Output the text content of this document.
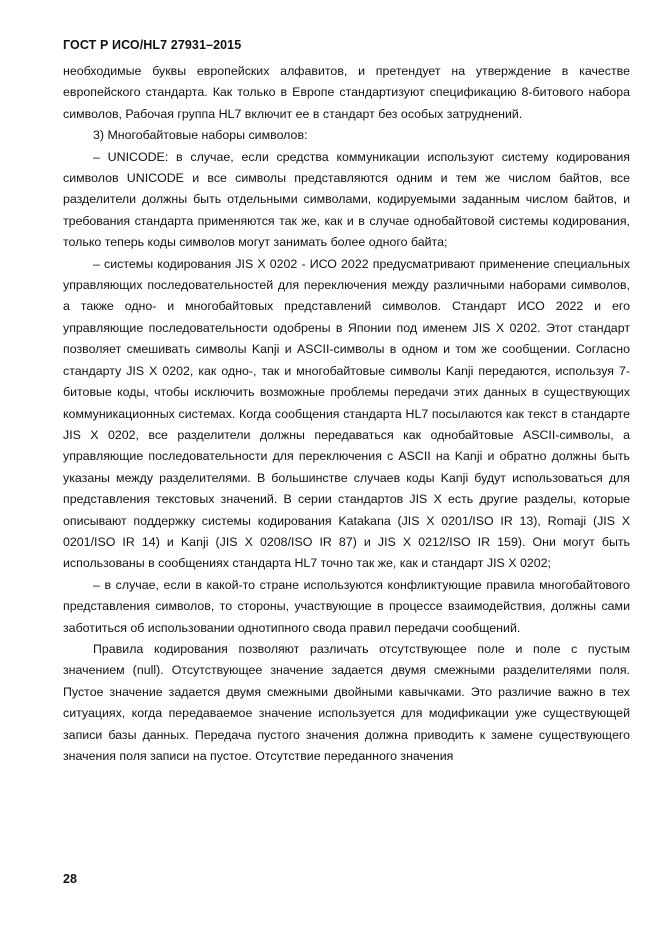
ГОСТ Р ИСО/HL7 27931–2015

необходимые буквы европейских алфавитов, и претендует на утверждение в качестве европейского стандарта. Как только в Европе стандартизуют спецификацию 8-битового набора символов, Рабочая группа HL7 включит ее в стандарт без особых затруднений.

3) Многобайтовые наборы символов:

– UNICODE: в случае, если средства коммуникации используют систему кодирования символов UNICODE и все символы представляются одним и тем же числом байтов, все разделители должны быть отдельными символами, кодируемыми заданным числом байтов, и требования стандарта применяются так же, как и в случае однобайтовой системы кодирования, только теперь коды символов могут занимать более одного байта;

– системы кодирования JIS X 0202 - ИСО 2022 предусматривают применение специальных управляющих последовательностей для переключения между различными наборами символов, а также одно- и многобайтовых представлений символов. Стандарт ИСО 2022 и его управляющие последовательности одобрены в Японии под именем JIS X 0202. Этот стандарт позволяет смешивать символы Kanji и ASCII-символы в одном и том же сообщении. Согласно стандарту JIS X 0202, как одно-, так и многобайтовые символы Kanji передаются, используя 7-битовые коды, чтобы исключить возможные проблемы передачи этих данных в существующих коммуникационных системах. Когда сообщения стандарта HL7 посылаются как текст в стандарте JIS X 0202, все разделители должны передаваться как однобайтовые ASCII-символы, а управляющие последовательности для переключения с ASCII на Kanji и обратно должны быть указаны между разделителями. В большинстве случаев коды Kanji будут использоваться для представления текстовых значений. В серии стандартов JIS X есть другие разделы, которые описывают поддержку системы кодирования Katakana (JIS X 0201/ISO IR 13), Romaji (JIS X 0201/ISO IR 14) и Kanji (JIS X 0208/ISO IR 87) и JIS X 0212/ISO IR 159). Они могут быть использованы в сообщениях стандарта HL7 точно так же, как и стандарт JIS X 0202;

– в случае, если в какой-то стране используются конфликтующие правила многобайтового представления символов, то стороны, участвующие в процессе взаимодействия, должны сами заботиться об использовании однотипного свода правил передачи сообщений.

Правила кодирования позволяют различать отсутствующее поле и поле с пустым значением (null). Отсутствующее значение задается двумя смежными разделителями поля. Пустое значение задается двумя смежными двойными кавычками. Это различие важно в тех ситуациях, когда передаваемое значение используется для модификации уже существующей записи базы данных. Передача пустого значения должна приводить к замене существующего значения поля записи на пустое. Отсутствие переданного значения

28
